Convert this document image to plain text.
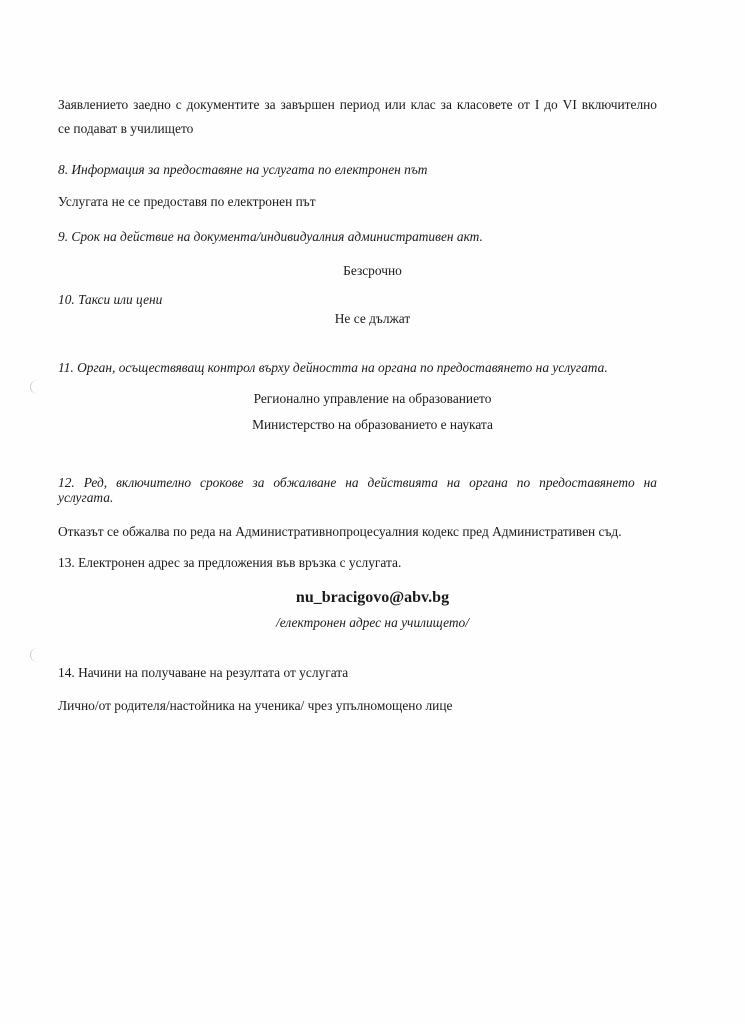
Заявлението заедно с документите за завършен период или клас за класовете от I до VI включително
се подават в училището
8. Информация за предоставяне на услугата по електронен път
Услугата не се предоставя по електронен път
9. Срок на действие на документа/индивидуалния административен акт.
Безсрочно
10. Такси или цени
Не се дължат
11. Орган, осъществяващ контрол върху дейността на органа по предоставянето на услугата.
Регионално управление на образованието
Министерство на образованието е науката
12. Ред, включително срокове за обжалване на действията на органа по предоставянето на
услугата.
Отказът се обжалва по реда на Административнопроцесуалния кодекс пред Административен съд.
13. Електронен адрес за предложения във връзка с услугата.
nu_bracigovo@abv.bg
/електронен адрес на училището/
14. Начини на получаване на резултата от услугата
Лично/от родителя/настойника на ученика/ чрез упълномощено лице
